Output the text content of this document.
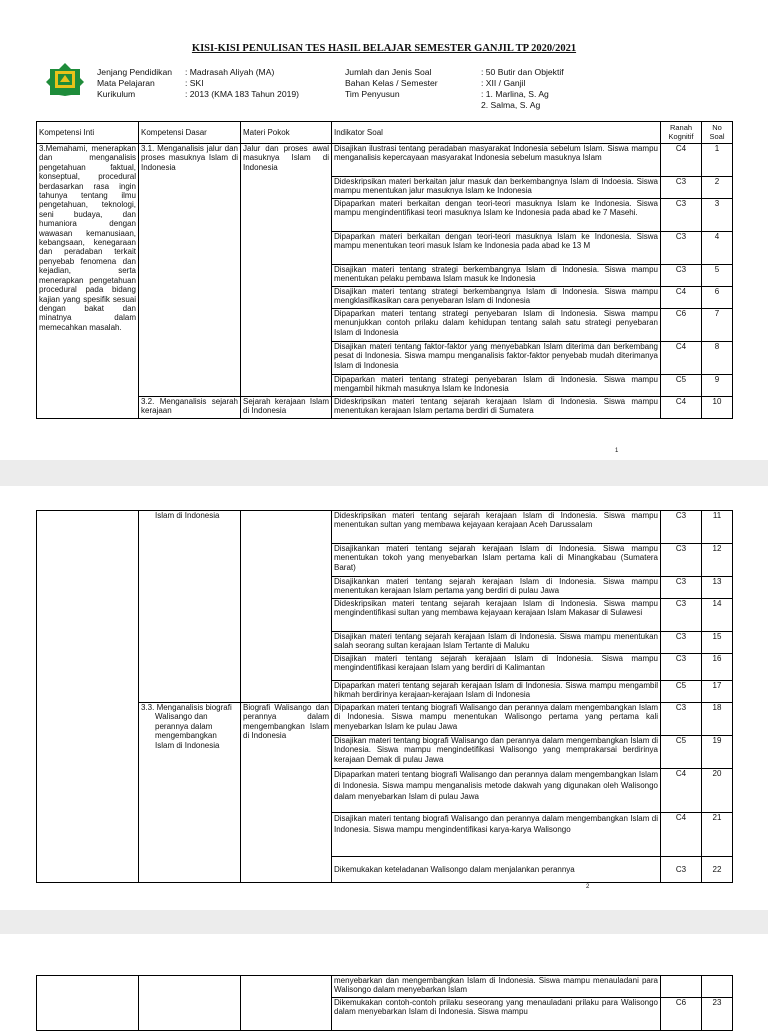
KISI-KISI PENULISAN TES HASIL BELAJAR SEMESTER GANJIL TP 2020/2021
Jenjang Pendidikan : Madrasah Aliyah (MA)
Mata Pelajaran	: SKI
Kurikulum	: 2013 (KMA 183 Tahun 2019)
Jumlah dan Jenis Soal	: 50 Butir dan Objektif
Bahan Kelas / Semester	: XII / Ganjil
Tim Penyusun	: 1. Marlina, S. Ag
2. Salma, S. Ag
Kompetensi Inti	Kompetensi Dasar	Materi Pokok	Indikator Soal	Ranah Kognitif	No Soal
3.Memahami, menerapkan dan menganalisis pengetahuan faktual, konseptual, procedural berdasarkan rasa ingin tahunya tentang ilmu pengetahuan, teknologi, seni budaya, dan humaniora dengan wawasan kemanusiaan, kebangsaan, kenegaraan dan peradaban terkait penyebab fenomena dan kejadian, serta menerapkan pengetahuan procedural pada bidang kajian yang spesifik sesuai dengan bakat dan minatnya dalam memecahkan masalah.	3.1. Menganalisis jalur dan proses masuknya Islam di Indonesia	Jalur dan proses awal masuknya Islam di Indonesia	Disajikan ilustrasi tentang peradaban masyarakat Indonesia sebelum Islam. Siswa mampu menganalisis kepercayaan masyarakat Indonesia sebelum masuknya Islam	C4	1
			Dideskripsikan materi berkaitan jalur masuk dan berkembangnya Islam di Indoesia. Siswa mampu menentukan jalur masuknya Islam ke Indonesia	C3	2
			Dipaparkan materi berkaitan dengan teori-teori masuknya Islam ke Indonesia. Siswa mampu mengindentifikasi teori masuknya Islam ke Indonesia pada abad ke 7 Masehi.	C3	3
			Dipaparkan materi berkaitan dengan teori-teori masuknya Islam ke Indonesia. Siswa mampu menentukan teori masuk Islam ke Indonesia pada abad ke 13 M	C3	4
			Disajikan materi tentang strategi berkembangnya Islam di Indonesia. Siswa mampu menentukan pelaku pembawa Islam masuk ke Indonesia	C3	5
			Disajikan materi tentang strategi berkembangnya Islam di Indonesia. Siswa mampu mengklasifikasikan cara penyebaran Islam di Indonesia	C4	6
			Dipaparkan materi tentang strategi penyebaran Islam di Indonesia. Siswa mampu menunjukkan contoh prilaku dalam kehidupan tentang salah satu strategi penyebaran Islam di Indonesia	C6	7
			Disajikan materi tentang faktor-faktor yang menyebabkan Islam diterima dan berkembang pesat di Indonesia. Siswa mampu menganalisis faktor-faktor penyebab mudah diterimanya Islam di Indonesia	C4	8
			Dipaparkan materi tentang strategi penyebaran Islam di Indonesia. Siswa mampu mengambil hikmah masuknya Islam ke Indonesia	C5	9
	3.2. Menganalisis sejarah kerajaan	Sejarah kerajaan Islam di Indonesia	Dideskripsikan materi tentang sejarah kerajaan Islam di Indonesia. Siswa mampu menentukan kerajaan Islam pertama berdiri di Sumatera	C4	10
1
	Islam di Indonesia		Dideskripsikan materi tentang sejarah kerajaan Islam di Indonesia. Siswa mampu menentukan sultan yang membawa kejayaan kerajaan Aceh Darussalam	C3	11
			Disajikankan materi tentang sejarah kerajaan Islam di Indonesia. Siswa mampu menentukan tokoh yang menyebarkan Islam pertama kali di Minangkabau (Sumatera Barat)	C3	12
			Disajikankan materi tentang sejarah kerajaan Islam di Indonesia. Siswa mampu menentukan kerajaan Islam pertama yang berdiri di pulau Jawa	C3	13
			Dideskripsikan materi tentang sejarah kerajaan Islam di Indonesia. Siswa mampu mengindentifikasi sultan yang membawa kejayaan kerajaan Islam Makasar di Sulawesi	C3	14
			Disajikan materi tentang sejarah kerajaan Islam di Indonesia. Siswa mampu menentukan salah seorang sultan kerajaan Islam Tertante di Maluku	C3	15
			Disajikan materi tentang sejarah kerajaan Islam di Indonesia. Siswa mampu mengindentifikasi kerajaan Islam yang berdiri di Kalimantan	C3	16
			Dipaparkan materi tentang sejarah kerajaan Islam di Indonesia. Siswa mampu mengambil hikmah berdirinya kerajaan-kerajaan Islam di Indonesia	C5	17
	3.3. Menganalisis biografi Walisango dan perannya dalam mengembangkan Islam di Indonesia	Biografi Walisango dan perannya dalam mengembangkan Islam di Indonesia	Dipaparkan materi tentang biografi Walisango dan perannya dalam mengembangkan Islam di Indonesia. Siswa mampu menentukan Walisongo pertama yang pertama kali menyebarkan Islam ke pulau Jawa	C3	18
			Disajikan materi tentang biografi Walisango dan perannya dalam mengembangkan Islam di Indonesia. Siswa mampu mengindetifikasi Walisongo yang memprakarsai berdirinya kerajaan Demak di pulau Jawa	C5	19
			Dipaparkan materi tentang biografi Walisango dan perannya dalam mengembangkan Islam di Indonesia. Siswa mampu menganalisis metode dakwah yang digunakan oleh Walisongo dalam menyebarkan Islam di pulau Jawa	C4	20
			Disajikan materi tentang biografi Walisango dan perannya dalam mengembangkan Islam di Indonesia. Siswa mampu mengindentifikasi karya-karya Walisongo	C4	21
			Dikemukakan keteladanan Walisongo dalam menjalankan perannya	C3	22
2
			menyebarkan dan mengembangkan Islam di Indonesia. Siswa mampu menauladani para Walisongo dalam menyebarkan Islam		
			Dikemukakan contoh-contoh prilaku seseorang yang menauladani prilaku para Walisongo dalam menyebarkan Islam di Indonesia. Siswa mampu	C6	23
